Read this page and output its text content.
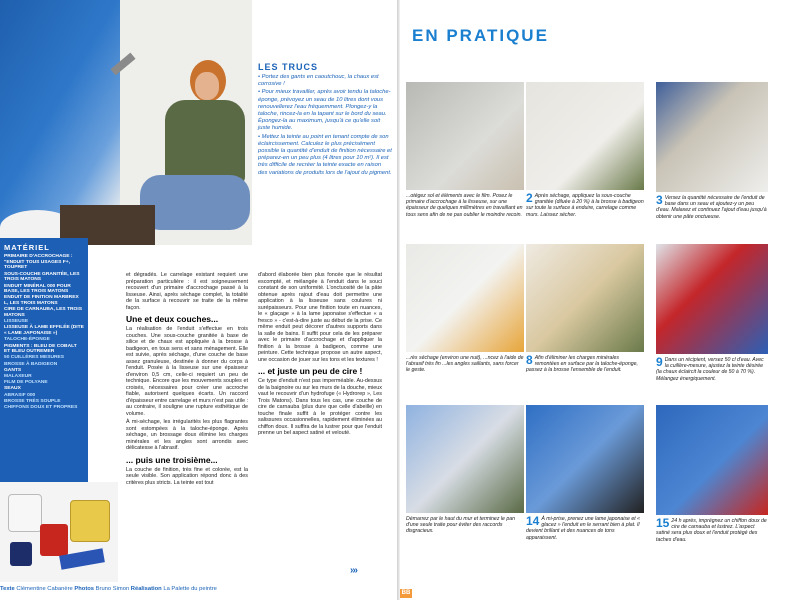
LES TRUCS
• Portez des gants en caoutchouc, la chaux est corrosive !
• Pour mieux travailler, après avoir tendu la taloche-éponge, prévoyez un seau de 10 litres dont vous renouvellerez l'eau fréquemment. Plongez-y la taloche, rincez-la en la tapant sur le bord du seau. Épongez-la au maximum, jusqu'à ce qu'elle soit juste humide.
• Mettez la teinte au point en tenant compte de son éclaircissement. Calculez le plus précisément possible la quantité d'enduit de finition nécessaire et préparez-en un peu plus (4 litres pour 10 m²). Il est très difficile de recréer la teinte exacte en raison des variations de produits lors de l'ajout du pigment.
MATÉRIEL
PRIMAIRE D'ACCROCHAGE : "ENDUIT TOUS USAGES F+, TOUPRET
SOUS-COUCHE GRANITÉE, LES TROIS MATONS
ENDUIT MINÉRAL 000 POUR BASE, LES TROIS MATONS
ENDUIT DE FINITION MARBREX L, LES TROIS MATONS
CIRE DE CARNAUBA, LES TROIS MATONS
LISSEUSE
LISSEUSE À LAME EFFILÉE (DITE « LAME JAPONAISE »)
TALOCHE-ÉPONGE
PIGMENTS : BLEU DE COBALT ET BLEU OUTREMER
50 CUILLÈRES MESURES
BROSSE À BADIGEON
GANTS
MALAXEUR
FILM DE POLYANE
SEAUX
ABRASIF 000
BROSSE TRÈS SOUPLE
CHIFFONS DOUX ET PROPRES

et dégradés. Le carrelage existant requiert une préparation particulière : il est soigneusement recouvert d'un primaire d'accrochage passé à la lisseuse. Ainsi, après séchage complet, la totalité de la surface à recouvrir se traite de la même façon.

Une et deux couches...

La réalisation de l'enduit s'effectue en trois couches. Une sous-couche granitée à base de silice et de chaux est appliquée à la brosse à badigeon, en tous sens et sans ménagement. Elle est suivie, après séchage, d'une couche de base assez granuleuse, destinée à donner du corps à l'enduit. Posée à la lisseuse sur une épaisseur d'environ 0,5 cm, celle-ci requiert un peu de technique. Encore que les mouvements souples et croisés, nécessaires pour créer une accroche fiable, autorisent quelques écarts. Un raccord d'épaisseur entre carrelage et murs n'est pas utile : au contraire, il souligne une rupture esthétique de volume.

À mi-séchage, les irrégularités les plus flagrantes sont estompées à la taloche-éponge. Après séchage, un brossage doux élimine les charges minérales et les angles sont arrondis avec délicatesse à l'abrasif.

... puis une troisième...

La couche de finition, très fine et colorée, est la seule visible. Son application répond donc à des critères plus stricts. La teinte est tout

d'abord élaborée bien plus foncée que le résultat escompté, et mélangée à l'enduit dans le souci constant de son uniformité. L'onctuosité de la pâte obtenue après rajout d'eau doit permettre une application à la lisseuse sans coulures ni surépaisseurs. Pour une finition toute en nuances, le « glaçage » à la lame japonaise s'effectue « a fresco » - c'est-à-dire juste au début de la prise. Ce même enduit peut décorer d'autres supports dans la salle de bains. Il suffit pour cela de les préparer avec le primaire d'accrochage et d'appliquer la finition à la brosse à badigeon, comme une peinture. Cette technique propose un autre aspect, une occasion de jouer sur les tons et les textures !

... et juste un peu de cire !

Ce type d'enduit n'est pas imperméable. Au-dessus de la baignoire ou sur les murs de la douche, mieux vaut le recouvrir d'un hydrofuge (« Hydrorep », Les Trois Matons). Dans tous les cas, une couche de cire de carnauba (plus dure que celle d'abeille) en touche finale suffit à le protéger contre les salissures occasionnelles, rapidement éliminées au chiffon doux. Il suffira de la lustrer pour que l'enduit prenne un bel aspect satiné et velouté.

›››
Texte Clémentine Cabanère Photos Bruno Simon Réalisation La Palette du peintre
EN PRATIQUE
...otégez sol et éléments avec le film. Posez le primaire d'accrochage à la lisseuse, sur une épaisseur de quelques millimètres en travaillant en tous sens afin de ne pas oublier le moindre recoin.
2 Après séchage, appliquez la sous-couche granitée (diluée à 20 %) à la brosse à badigeon sur toute la surface à enduire, carrelage comme murs. Laissez sécher.
3 Versez la quantité nécessaire de l'enduit de base dans un seau et ajoutez-y un peu d'eau. Malaxez et continuez l'ajout d'eau jusqu'à obtenir une pâte onctueuse.
...rès séchage (environ une nuit), ...ncez à l'aide de l'abrasif très fin ...les angles saillants, sans forcer le geste.
8 Afin d'éliminer les charges minérales remontées en surface par la taloche-éponge, passez à la brosse l'ensemble de l'enduit.
9 Dans un récipient, versez 50 cl d'eau. Avec la cuillère-mesure, ajustez la teinte désirée (la chaux éclaircit la couleur de 50 à 70 %). Mélangez énergiquement.
Démarrez par le haut du mur et terminez le pan d'une seule traite pour éviter des raccords disgracieux.
14 À mi-prise, prenez une lame japonaise et « glacez » l'enduit en le serrant bien à plat. Il devient brillant et des nuances de tons apparaissent.
15 24 h après, imprégnez un chiffon doux de cire de carnauba et lustrez. L'aspect satiné sera plus doux et l'enduit protégé des taches d'eau.
BB
